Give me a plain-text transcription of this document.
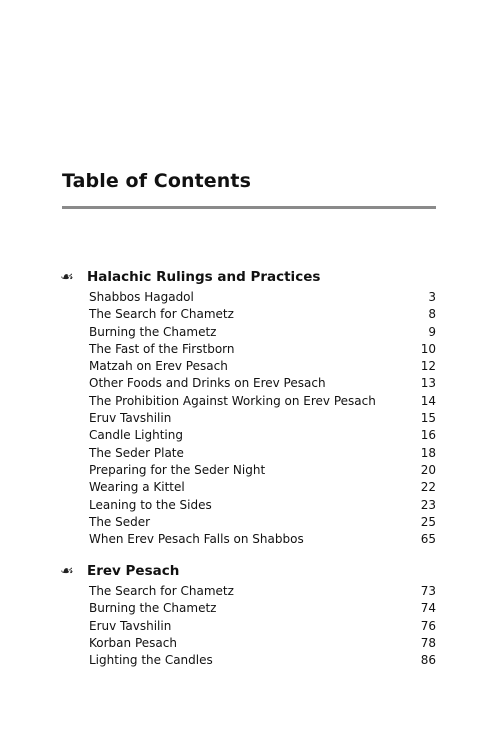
Table of Contents
☙ Halachic Rulings and Practices
Shabbos Hagadol	3
The Search for Chametz	8
Burning the Chametz	9
The Fast of the Firstborn	10
Matzah on Erev Pesach	12
Other Foods and Drinks on Erev Pesach	13
The Prohibition Against Working on Erev Pesach	14
Eruv Tavshilin	15
Candle Lighting	16
The Seder Plate	18
Preparing for the Seder Night	20
Wearing a Kittel	22
Leaning to the Sides	23
The Seder	25
When Erev Pesach Falls on Shabbos	65
☙ Erev Pesach
The Search for Chametz	73
Burning the Chametz	74
Eruv Tavshilin	76
Korban Pesach	78
Lighting the Candles	86
